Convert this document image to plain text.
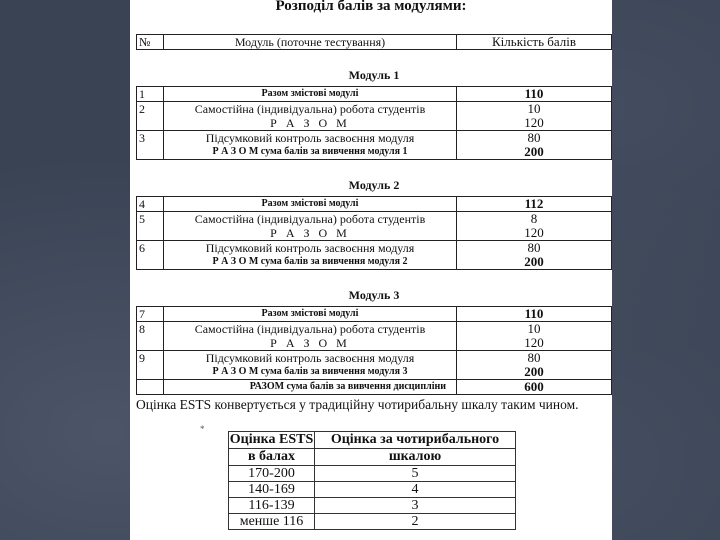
Розподіл балів за модулями:
№	Модуль (поточне тестування)	Кількість балів

Модуль 1		
1	Разом змістові модулі	110
2	Самостійна (індивідуальна) робота студентів	10
	Р А З О М	120
3	Підсумковий контроль засвоєння модуля	80
	Р А З О М сума балів за вивчення модуля 1	200

Модуль 2		
4	Разом змістові модулі	112
5	Самостійна (індивідуальна) робота студентів	8
	Р А З О М	120
6	Підсумковий контроль засвоєння модуля	80
	Р А З О М сума балів за вивчення модуля 2	200

Модуль 3		
7	Разом змістові модулі	110
8	Самостійна (індивідуальна) робота студентів	10
	Р А З О М	120
9	Підсумковий контроль засвоєння модуля	80
	Р А З О М сума балів за вивчення модуля 3	200
	РАЗОМ сума балів за вивчення дисципліни	600
Оцінка ESTS конвертується у традиційну чотирибальну шкалу таким чином.
*
Оцінка ESTS	Оцінка за чотирибального
в балах	шкалою
170-200	5
140-169	4
116-139	3
менше 116	2
